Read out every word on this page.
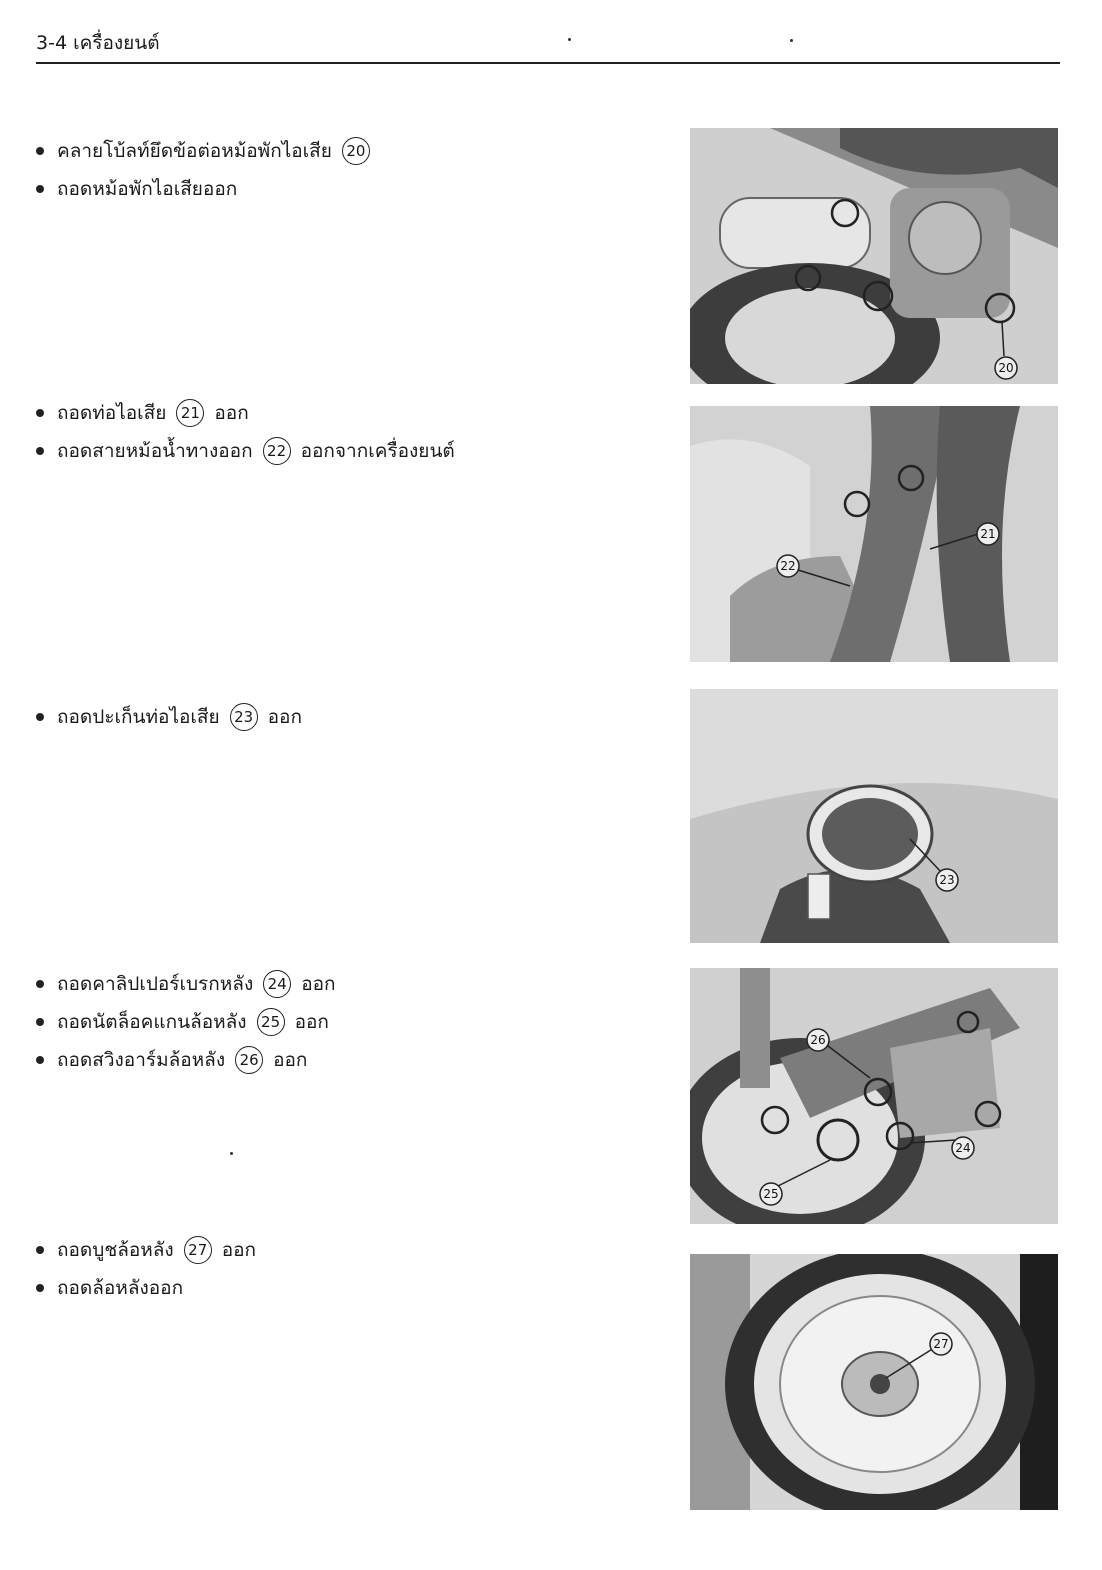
3-4 เครื่องยนต์
คลายโบ้ลท์ยึดข้อต่อหม้อพักไอเสีย 20
ถอดหม้อพักไอเสียออก
20
ถอดท่อไอเสีย 21 ออก
ถอดสายหม้อน้ำทางออก 22 ออกจากเครื่องยนต์
21
22
ถอดปะเก็นท่อไอเสีย 23 ออก
23
ถอดคาลิปเปอร์เบรกหลัง 24 ออก
ถอดนัตล็อคแกนล้อหลัง 25 ออก
ถอดสวิงอาร์มล้อหลัง 26 ออก
26
24
25
ถอดบูชล้อหลัง 27 ออก
ถอดล้อหลังออก
27
